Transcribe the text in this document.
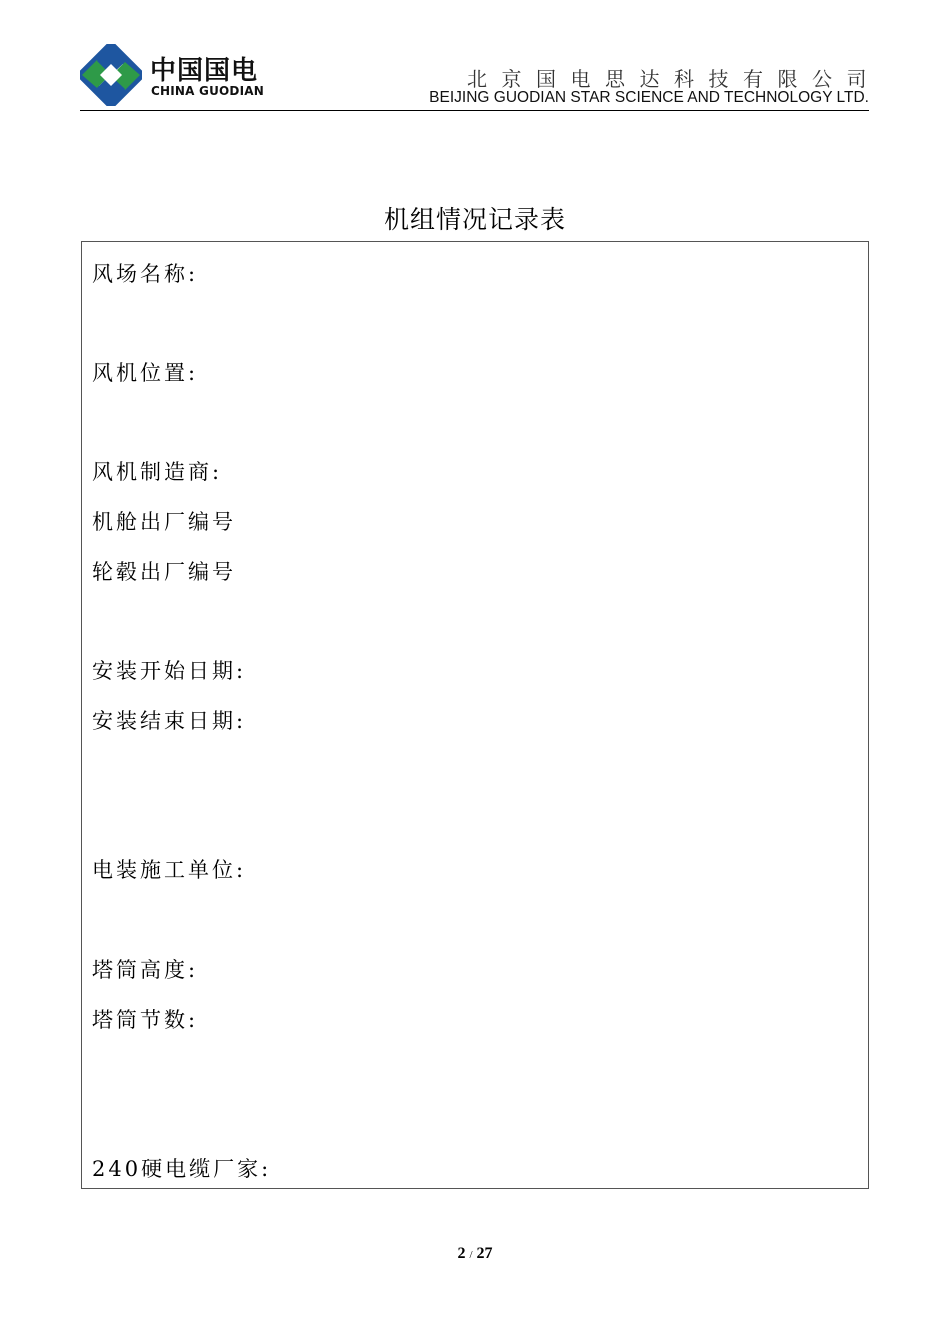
中国国电
CHINA GUODIAN	北京国电思达科技有限公司
BEIJING GUODIAN STAR SCIENCE AND TECHNOLOGY LTD.
机组情况记录表
风场名称:
风机位置:
风机制造商:
机舱出厂编号
轮毂出厂编号
安装开始日期:
安装结束日期:
电装施工单位:
塔筒高度:
塔筒节数:
240硬电缆厂家:
2 / 27
